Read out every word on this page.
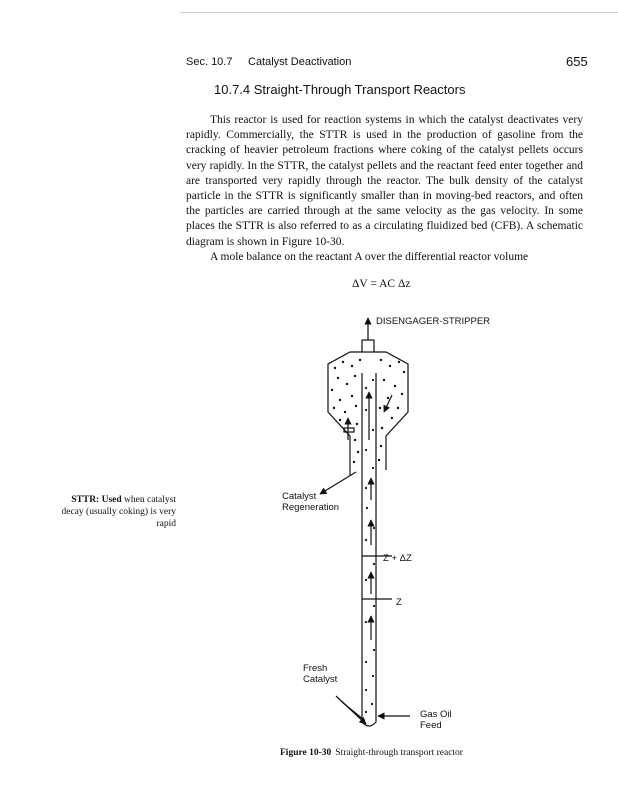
Sec. 10.7 Catalyst Deactivation	655
10.7.4 Straight-Through Transport Reactors

This reactor is used for reaction systems in which the catalyst deactivates very rapidly. Commercially, the STTR is used in the production of gasoline from the cracking of heavier petroleum fractions where coking of the catalyst pellets occurs very rapidly. In the STTR, the catalyst pellets and the reactant feed enter together and are transported very rapidly through the reactor. The bulk density of the catalyst particle in the STTR is significantly smaller than in moving-bed reactors, and often the particles are carried through at the same velocity as the gas velocity. In some places the STTR is also referred to as a circulating fluidized bed (CFB). A schematic diagram is shown in Figure 10-30.

A mole balance on the reactant A over the differential reactor volume

ΔV = AC Δz
STTR: Used when catalyst decay (usually coking) is very rapid
DISENGAGER-STRIPPER
Catalyst
Regeneration
Z + ΔZ
Z
Fresh
Catalyst
Gas Oil
Feed
Figure 10-30 Straight-through transport reactor
